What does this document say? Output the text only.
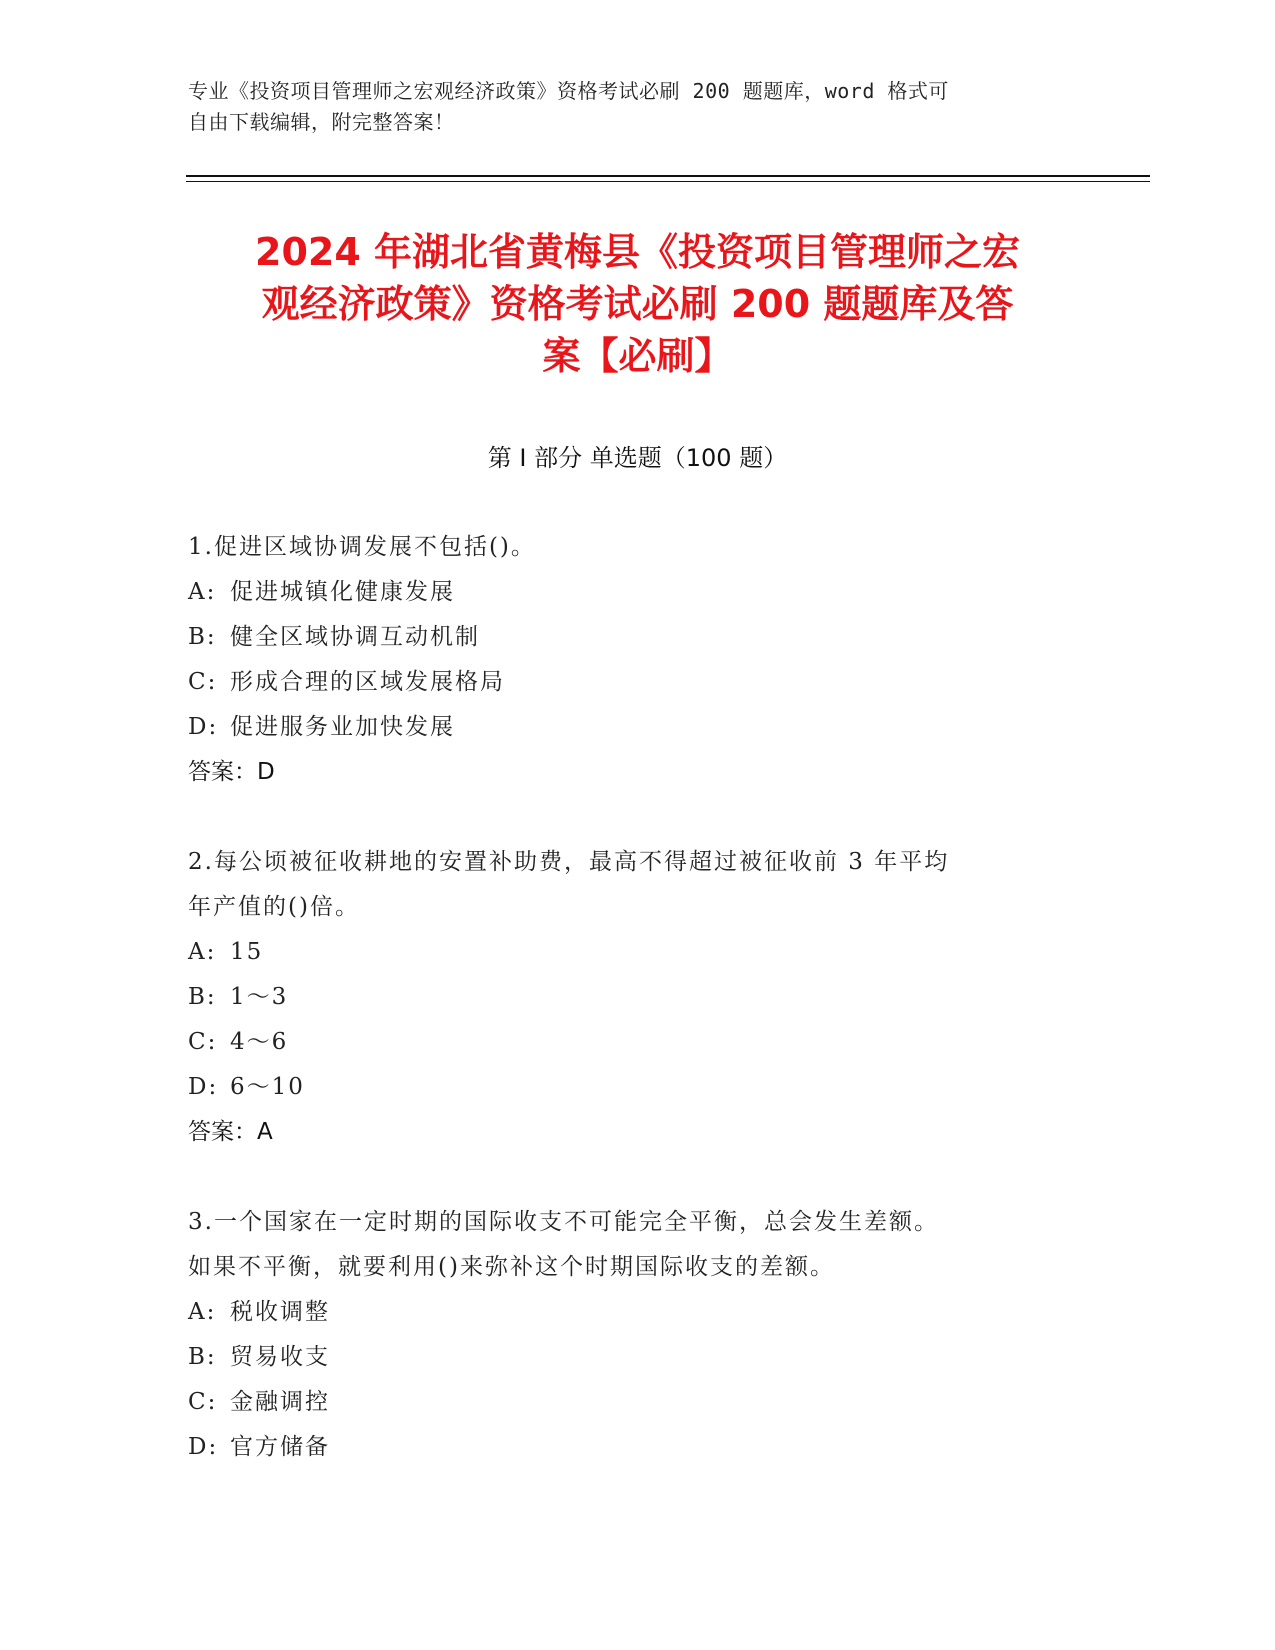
专业《投资项目管理师之宏观经济政策》资格考试必刷 200 题题库，word 格式可
自由下载编辑，附完整答案！
2024 年湖北省黄梅县《投资项目管理师之宏
观经济政策》资格考试必刷 200 题题库及答
案【必刷】
第 I 部分 单选题（100 题）
1.促进区域协调发展不包括()。
A: 促进城镇化健康发展
B: 健全区域协调互动机制
C: 形成合理的区域发展格局
D: 促进服务业加快发展
答案：D
2.每公顷被征收耕地的安置补助费，最高不得超过被征收前 3 年平均
年产值的()倍。
A: 15
B: 1～3
C: 4～6
D: 6～10
答案：A
3.一个国家在一定时期的国际收支不可能完全平衡，总会发生差额。
如果不平衡，就要利用()来弥补这个时期国际收支的差额。
A: 税收调整
B: 贸易收支
C: 金融调控
D: 官方储备
